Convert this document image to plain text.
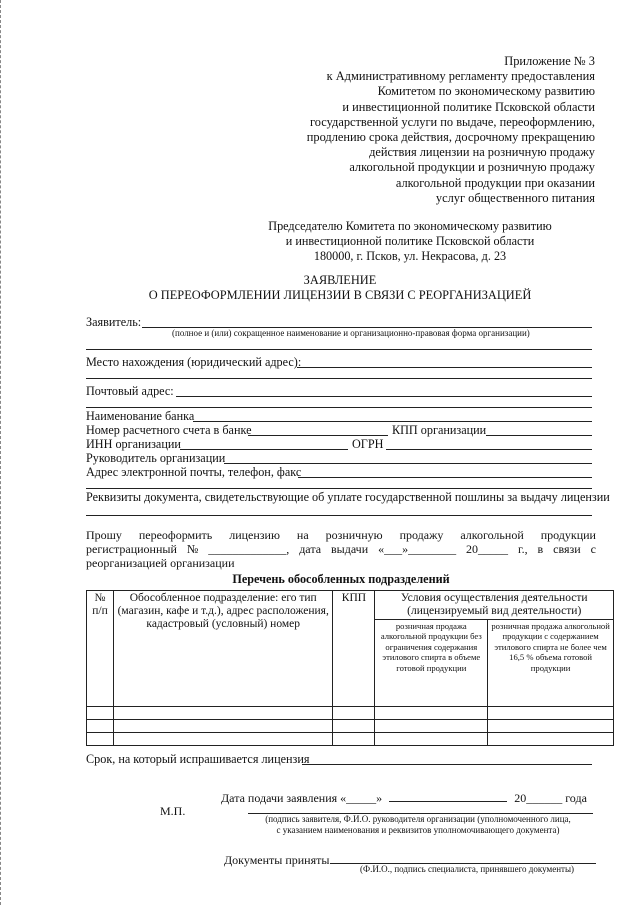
Приложение № 3
к Административному регламенту предоставления
Комитетом по экономическому развитию
и инвестиционной политике Псковской области
государственной услуги по выдаче, переоформлению,
продлению срока действия, досрочному прекращению
действия лицензии на розничную продажу
алкогольной продукции и розничную продажу
алкогольной продукции при оказании
услуг общественного питания
Председателю Комитета по экономическому развитию
и инвестиционной политике Псковской области
180000, г. Псков, ул. Некрасова, д. 23
ЗАЯВЛЕНИЕ
О ПЕРЕОФОРМЛЕНИИ ЛИЦЕНЗИИ В СВЯЗИ С РЕОРГАНИЗАЦИЕЙ
Заявитель:
(полное и (или) сокращенное наименование и организационно-правовая форма организации)
Место нахождения (юридический адрес):
Почтовый адрес:
Наименование банка
Номер расчетного счета в банке	КПП организации
ИНН организации	ОГРН
Руководитель организации
Адрес электронной почты, телефон, факс
Реквизиты документа, свидетельствующие об уплате государственной пошлины за выдачу лицензии
Прошу переоформить лицензию на розничную продажу алкогольной продукции
регистрационный № _____________, дата выдачи «___»________ 20_____ г., в связи с
реорганизацией организации
Перечень обособленных подразделений
№ п/п	Обособленное подразделение: его тип (магазин, кафе и т.д.), адрес расположения, кадастровый (условный) номер	КПП	Условия осуществления деятельности (лицензируемый вид деятельности)	
			розничная продажа алкогольной продукции без ограничения содержания этилового спирта в объеме готовой продукции	розничная продажа алкогольной продукции с содержанием этилового спирта не более чем 16,5 % объема готовой продукции

Срок, на который испрашивается лицензия
Дата подачи заявления «_____»	20______ года
М.П.
(подпись заявителя, Ф.И.О. руководителя организации (уполномоченного лица,
с указанием наименования и реквизитов уполномочивающего документа)
Документы приняты
(Ф.И.О., подпись специалиста, принявшего документы)
